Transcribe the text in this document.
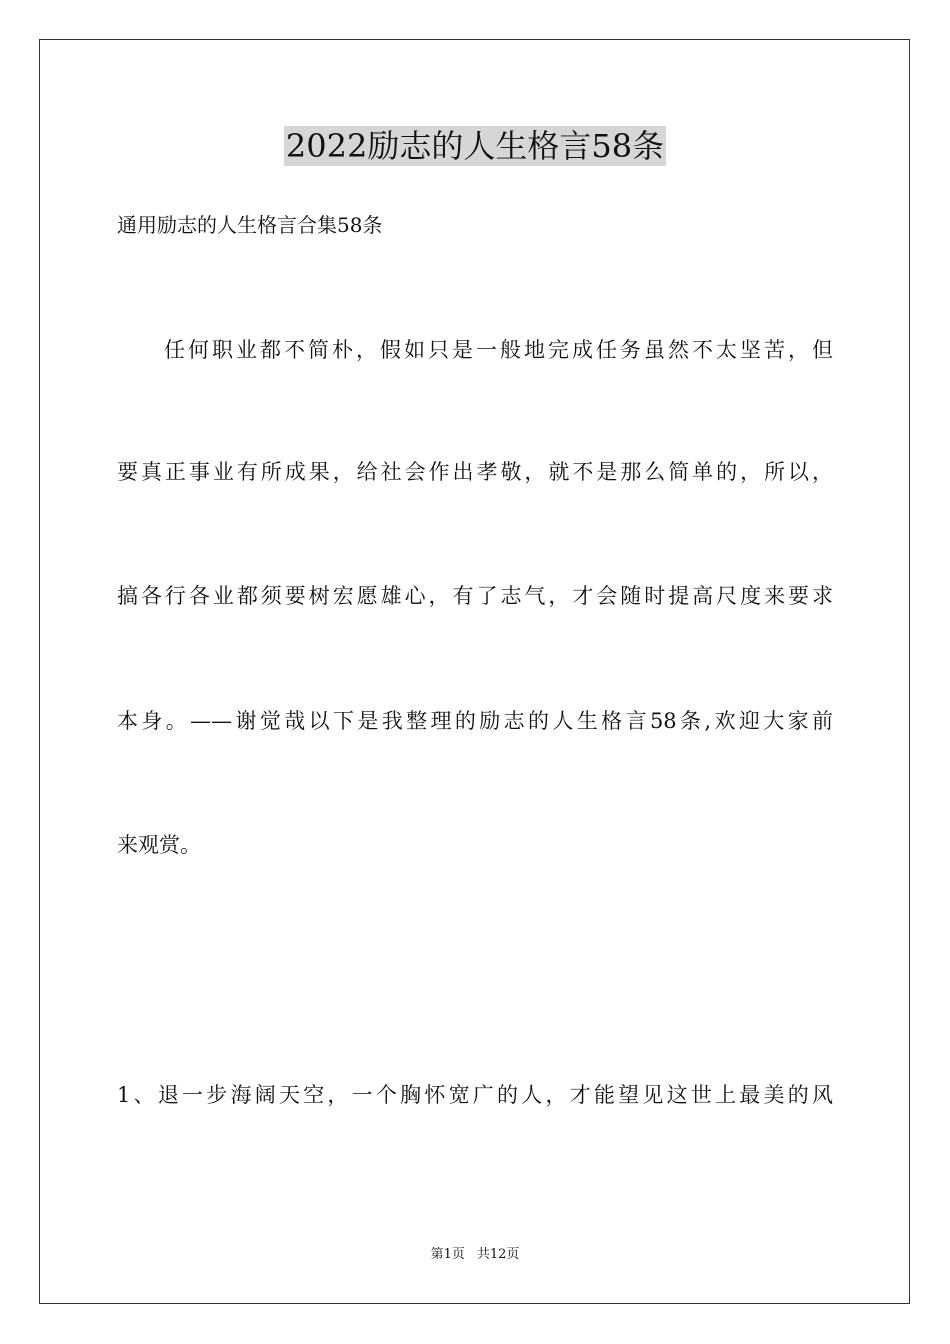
2022励志的人生格言58条
通用励志的人生格言合集58条
任何职业都不简朴，假如只是一般地完成任务虽然不太坚苦，但
要真正事业有所成果，给社会作出孝敬，就不是那么简单的，所以，
搞各行各业都须要树宏愿雄心，有了志气，才会随时提高尺度来要求
本身。——谢觉哉以下是我整理的励志的人生格言58条,欢迎大家前
来观赏。
1、退一步海阔天空，一个胸怀宽广的人，才能望见这世上最美的风
第1页 共12页
